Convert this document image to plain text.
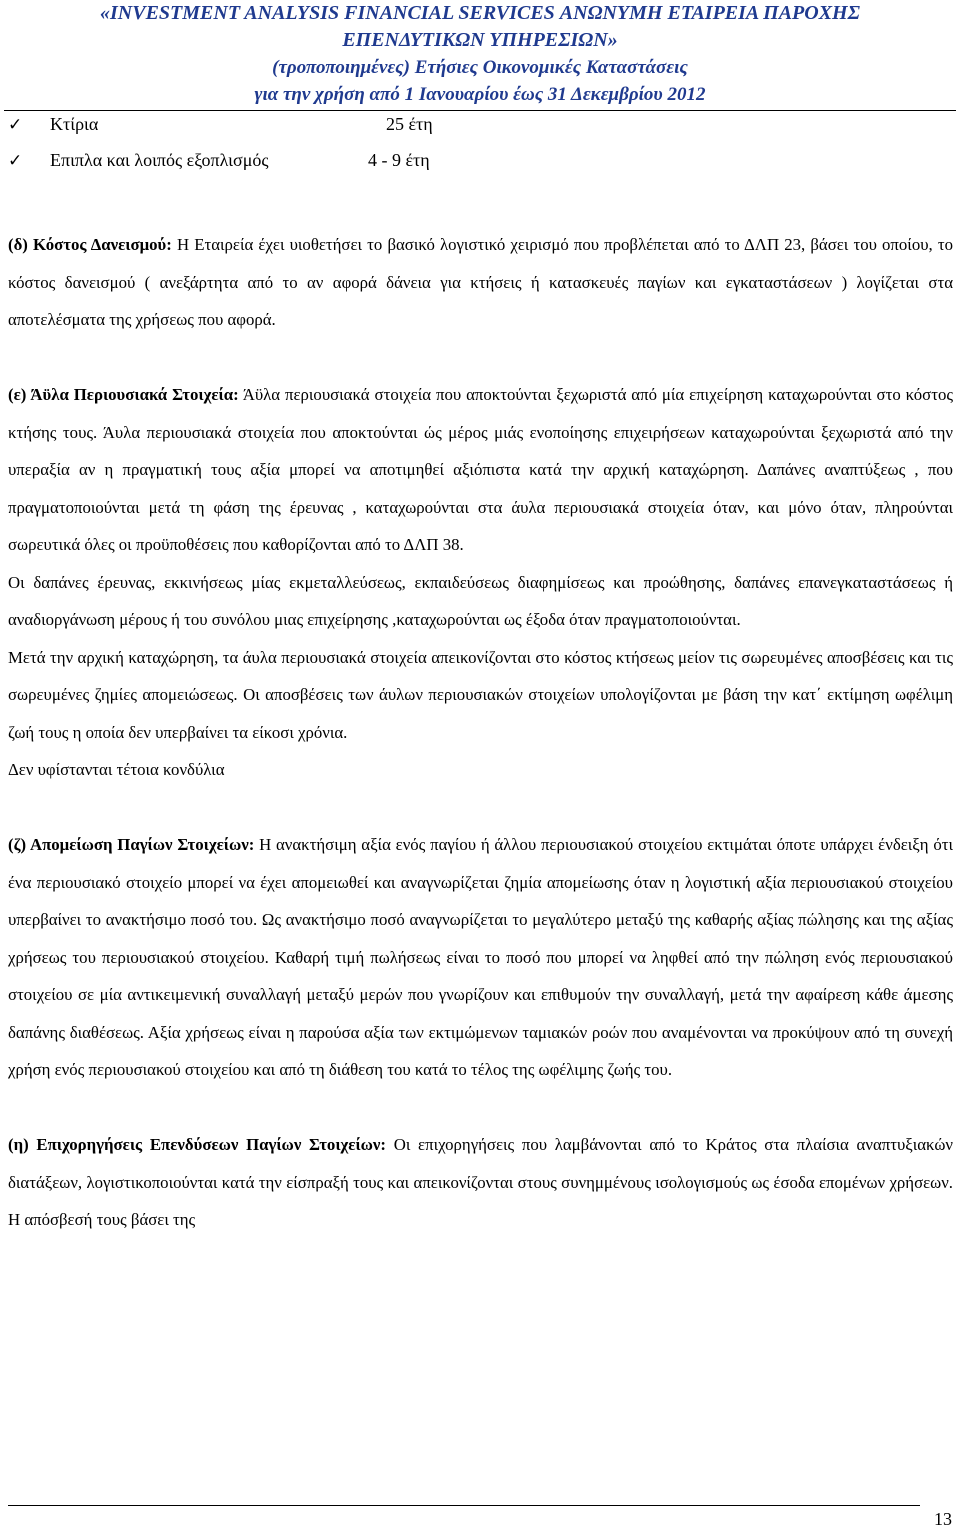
«INVESTMENT ANALYSIS FINANCIAL SERVICES ΑΝΩΝΥΜΗ ΕΤΑΙΡΕΙΑ ΠΑΡΟΧΗΣ
ΕΠΕΝΔΥΤΙΚΩΝ ΥΠΗΡΕΣΙΩΝ»
(τροποποιημένες) Ετήσιες Οικονομικές Καταστάσεις
για την χρήση από 1 Ιανουαρίου έως 31 Δεκεμβρίου 2012
✓ Κτίρια	25 έτη
✓ Επιπλα και λοιπός εξοπλισμός	4 - 9 έτη

(δ) Κόστος Δανεισμού: Η Εταιρεία έχει υιοθετήσει το βασικό λογιστικό χειρισμό που προβλέπεται από το ΔΛΠ 23, βάσει του οποίου, το κόστος δανεισμού ( ανεξάρτητα από το αν αφορά δάνεια για κτήσεις ή κατασκευές παγίων και εγκαταστάσεων ) λογίζεται στα αποτελέσματα της χρήσεως που αφορά.

(ε) Άϋλα Περιουσιακά Στοιχεία: Άϋλα περιουσιακά στοιχεία που αποκτούνται ξεχωριστά από μία επιχείρηση καταχωρούνται στο κόστος κτήσης τους. Άυλα περιουσιακά στοιχεία που αποκτούνται ώς μέρος μιάς ενοποίησης επιχειρήσεων καταχωρούνται ξεχωριστά από την υπεραξία αν η πραγματική τους αξία μπορεί να αποτιμηθεί αξιόπιστα κατά την αρχική καταχώρηση. Δαπάνες αναπτύξεως , που πραγματοποιούνται μετά τη φάση της έρευνας , καταχωρούνται στα άυλα περιουσιακά στοιχεία όταν, και μόνο όταν, πληρούνται σωρευτικά όλες οι προϋποθέσεις που καθορίζονται από το ΔΛΠ 38.

Οι δαπάνες έρευνας, εκκινήσεως μίας εκμεταλλεύσεως, εκπαιδεύσεως διαφημίσεως και προώθησης, δαπάνες επανεγκαταστάσεως ή αναδιοργάνωση μέρους ή του συνόλου μιας επιχείρησης ,καταχωρούνται ως έξοδα όταν πραγματοποιούνται.

Μετά την αρχική καταχώρηση, τα άυλα περιουσιακά στοιχεία απεικονίζονται στο κόστος κτήσεως μείον τις σωρευμένες αποσβέσεις και τις σωρευμένες ζημίες απομειώσεως. Οι αποσβέσεις των άυλων περιουσιακών στοιχείων υπολογίζονται με βάση την κατ΄ εκτίμηση ωφέλιμη ζωή τους η οποία δεν υπερβαίνει τα είκοσι χρόνια.

Δεν υφίστανται τέτοια κονδύλια

(ζ) Απομείωση Παγίων Στοιχείων: Η ανακτήσιμη αξία ενός παγίου ή άλλου περιουσιακού στοιχείου εκτιμάται όποτε υπάρχει ένδειξη ότι ένα περιουσιακό στοιχείο μπορεί να έχει απομειωθεί και αναγνωρίζεται ζημία απομείωσης όταν η λογιστική αξία περιουσιακού στοιχείου υπερβαίνει το ανακτήσιμο ποσό του. Ως ανακτήσιμο ποσό αναγνωρίζεται το μεγαλύτερο μεταξύ της καθαρής αξίας πώλησης και της αξίας χρήσεως του περιουσιακού στοιχείου. Καθαρή τιμή πωλήσεως είναι το ποσό που μπορεί να ληφθεί από την πώληση ενός περιουσιακού στοιχείου σε μία αντικειμενική συναλλαγή μεταξύ μερών που γνωρίζουν και επιθυμούν την συναλλαγή, μετά την αφαίρεση κάθε άμεσης δαπάνης διαθέσεως. Αξία χρήσεως είναι η παρούσα αξία των εκτιμώμενων ταμιακών ροών που αναμένονται να προκύψουν από τη συνεχή χρήση ενός περιουσιακού στοιχείου και από τη διάθεση του κατά το τέλος της ωφέλιμης ζωής του.

(η) Επιχορηγήσεις Επενδύσεων Παγίων Στοιχείων: Οι επιχορηγήσεις που λαμβάνονται από το Κράτος στα πλαίσια αναπτυξιακών διατάξεων, λογιστικοποιούνται κατά την είσπραξή τους και απεικονίζονται στους συνημμένους ισολογισμούς ως έσοδα επομένων χρήσεων. Η απόσβεσή τους βάσει της

13
